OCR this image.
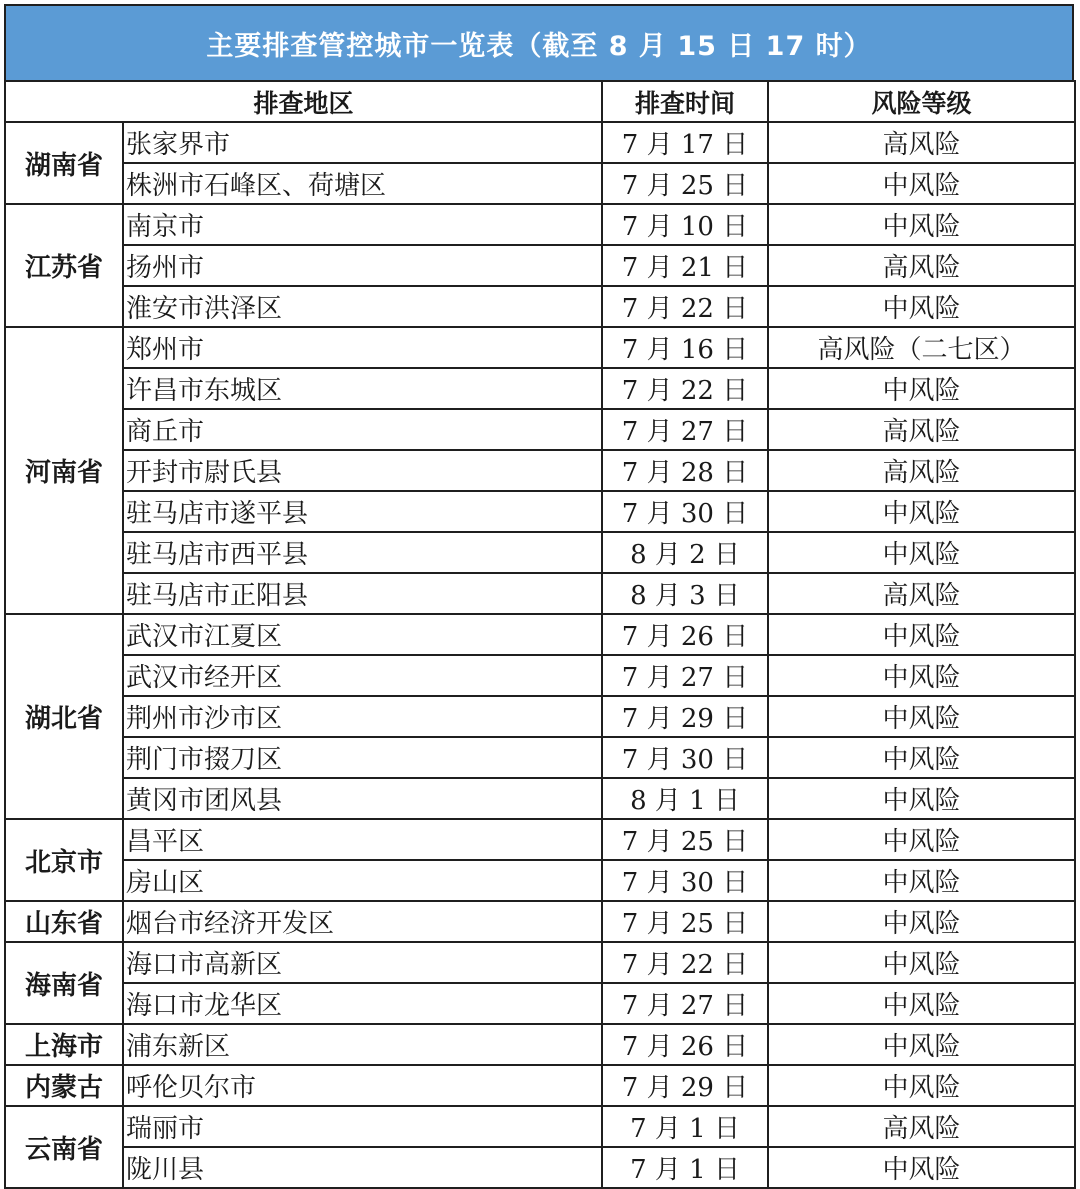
主要排查管控城市一览表（截至 8 月 15 日 17 时）
排查地区		排查时间	风险等级
湖南省	张家界市	7 月 17 日	高风险
	株洲市石峰区、荷塘区	7 月 25 日	中风险
江苏省	南京市	7 月 10 日	中风险
	扬州市	7 月 21 日	高风险
	淮安市洪泽区	7 月 22 日	中风险
河南省	郑州市	7 月 16 日	高风险（二七区）
	许昌市东城区	7 月 22 日	中风险
	商丘市	7 月 27 日	高风险
	开封市尉氏县	7 月 28 日	高风险
	驻马店市遂平县	7 月 30 日	中风险
	驻马店市西平县	8 月 2 日	中风险
	驻马店市正阳县	8 月 3 日	高风险
湖北省	武汉市江夏区	7 月 26 日	中风险
	武汉市经开区	7 月 27 日	中风险
	荆州市沙市区	7 月 29 日	中风险
	荆门市掇刀区	7 月 30 日	中风险
	黄冈市团风县	8 月 1 日	中风险
北京市	昌平区	7 月 25 日	中风险
	房山区	7 月 30 日	中风险
山东省	烟台市经济开发区	7 月 25 日	中风险
海南省	海口市高新区	7 月 22 日	中风险
	海口市龙华区	7 月 27 日	中风险
上海市	浦东新区	7 月 26 日	中风险
内蒙古	呼伦贝尔市	7 月 29 日	中风险
云南省	瑞丽市	7 月 1 日	高风险
	陇川县	7 月 1 日	中风险
